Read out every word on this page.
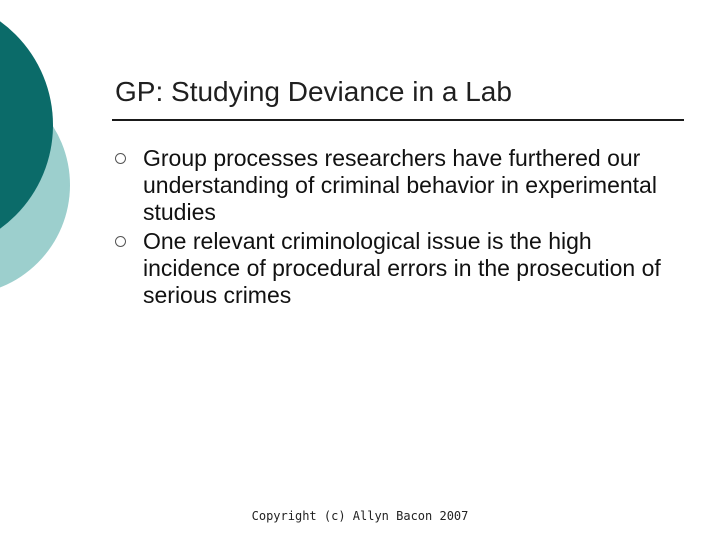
GP: Studying Deviance in a Lab
Group processes researchers have furthered our understanding of criminal behavior in experimental studies
One relevant criminological issue is the high incidence of procedural errors in the prosecution of serious crimes
Copyright (c) Allyn Bacon 2007
